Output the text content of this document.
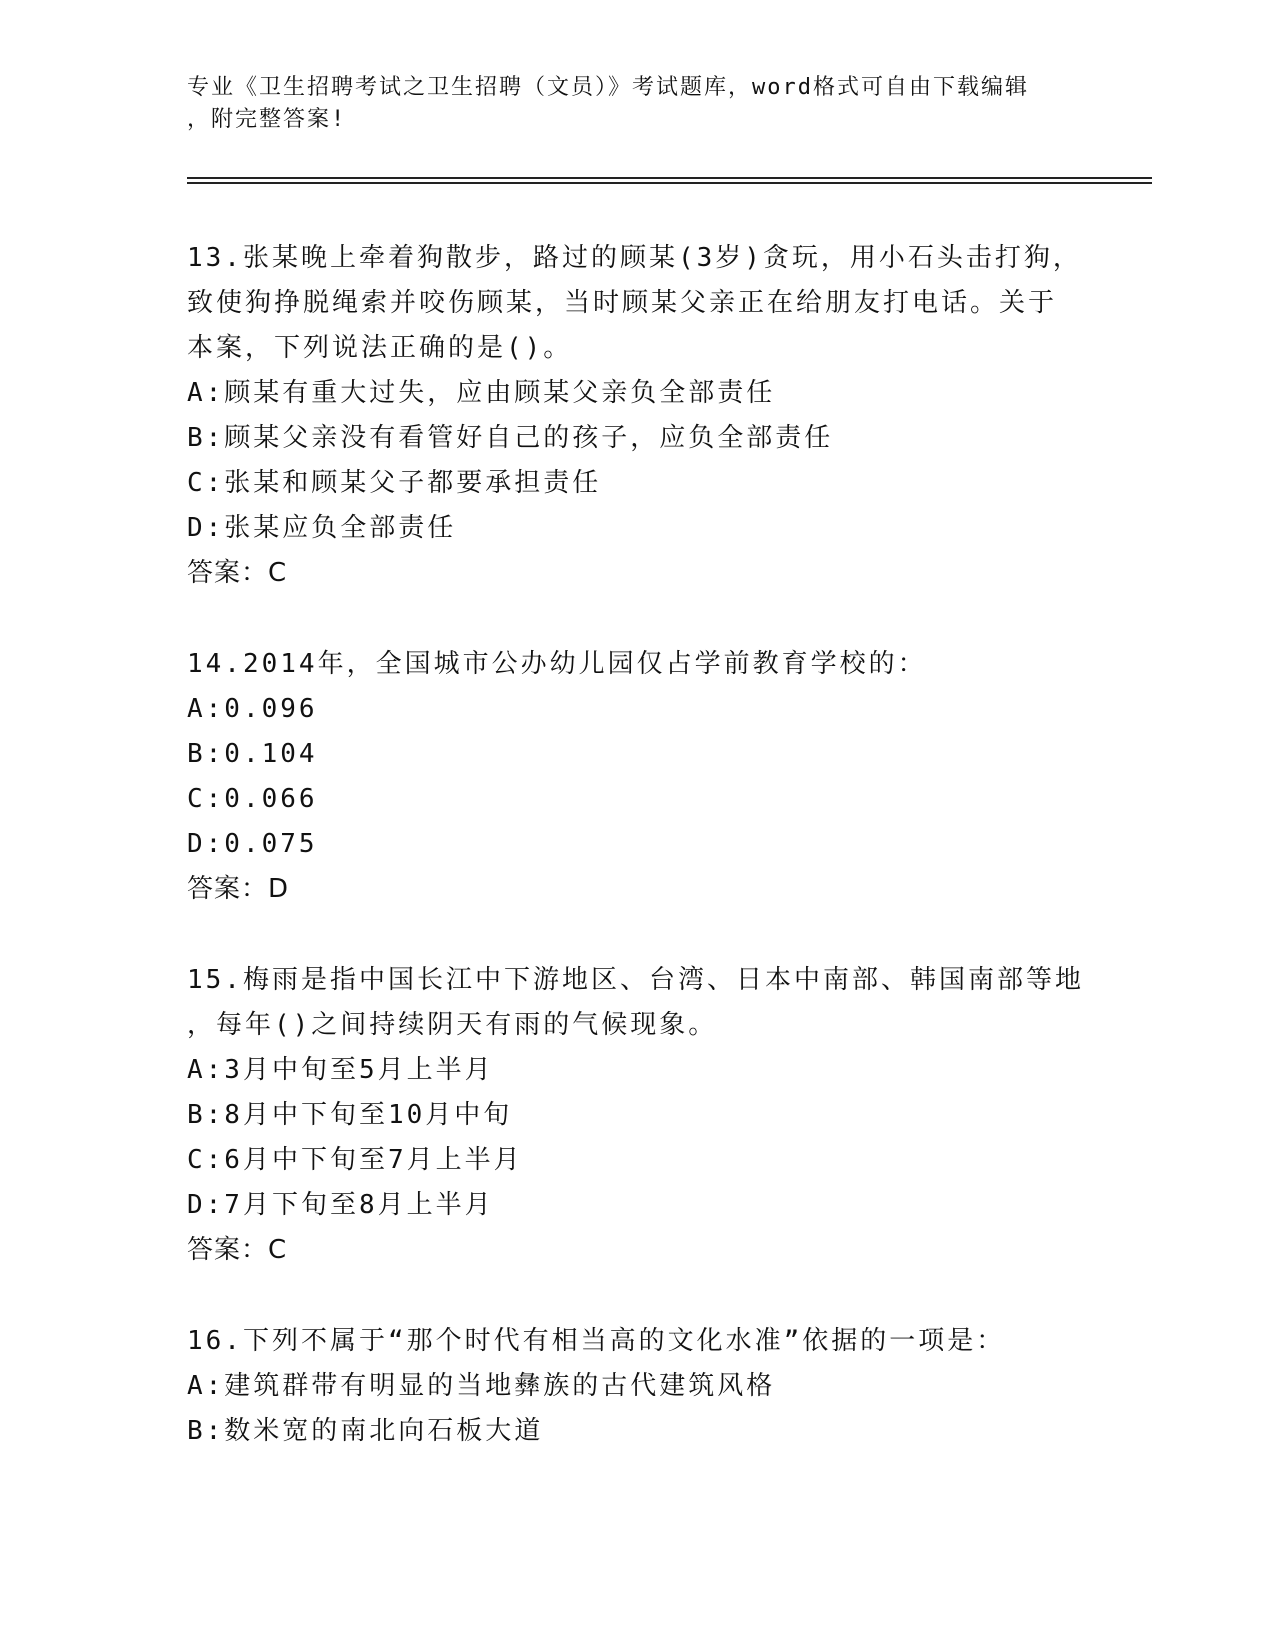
专业《卫生招聘考试之卫生招聘（文员）》考试题库，word格式可自由下载编辑
，附完整答案!
13.张某晚上牵着狗散步，路过的顾某(3岁)贪玩，用小石头击打狗，
致使狗挣脱绳索并咬伤顾某，当时顾某父亲正在给朋友打电话。关于
本案，下列说法正确的是()。
A:顾某有重大过失，应由顾某父亲负全部责任
B:顾某父亲没有看管好自己的孩子，应负全部责任
C:张某和顾某父子都要承担责任
D:张某应负全部责任
答案：C
14.2014年，全国城市公办幼儿园仅占学前教育学校的：
A:0.096
B:0.104
C:0.066
D:0.075
答案：D
15.梅雨是指中国长江中下游地区、台湾、日本中南部、韩国南部等地
，每年()之间持续阴天有雨的气候现象。
A:3月中旬至5月上半月
B:8月中下旬至10月中旬
C:6月中下旬至7月上半月
D:7月下旬至8月上半月
答案：C
16.下列不属于“那个时代有相当高的文化水准”依据的一项是：
A:建筑群带有明显的当地彝族的古代建筑风格
B:数米宽的南北向石板大道
